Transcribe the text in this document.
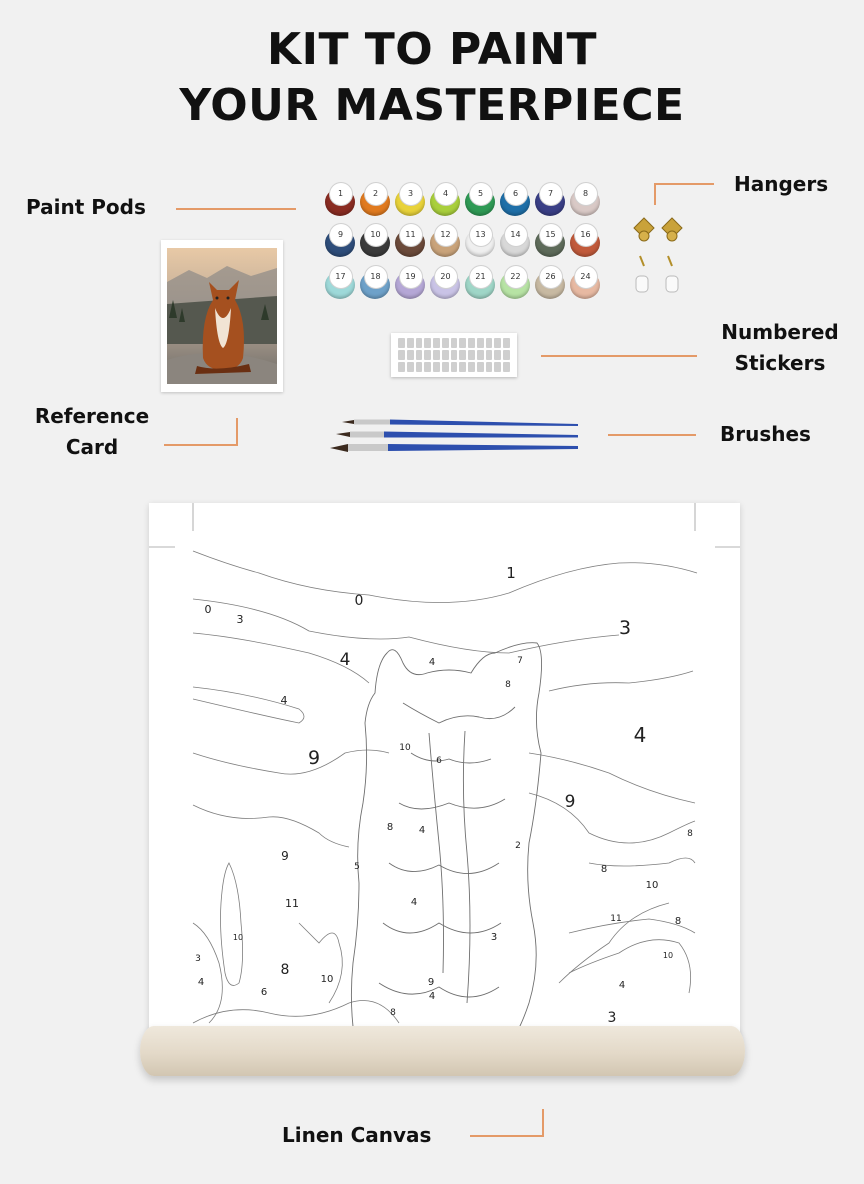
KIT TO PAINT
YOUR MASTERPIECE
Paint Pods
1	2	3	4	5	6	7	8
9	10	11	12	13	14	15	16
17	18	19	20	21	22	26	24
Hangers
Reference
Card
Numbered
Stickers
Brushes
1
0
0
3	3
4	4
4
4
9
9
9
11
10
11	8
8
8
8
10
10
6
3
4
10
4
3
8	4
10
6
4
8
7
4
9
8
3
5
2
Linen Canvas
